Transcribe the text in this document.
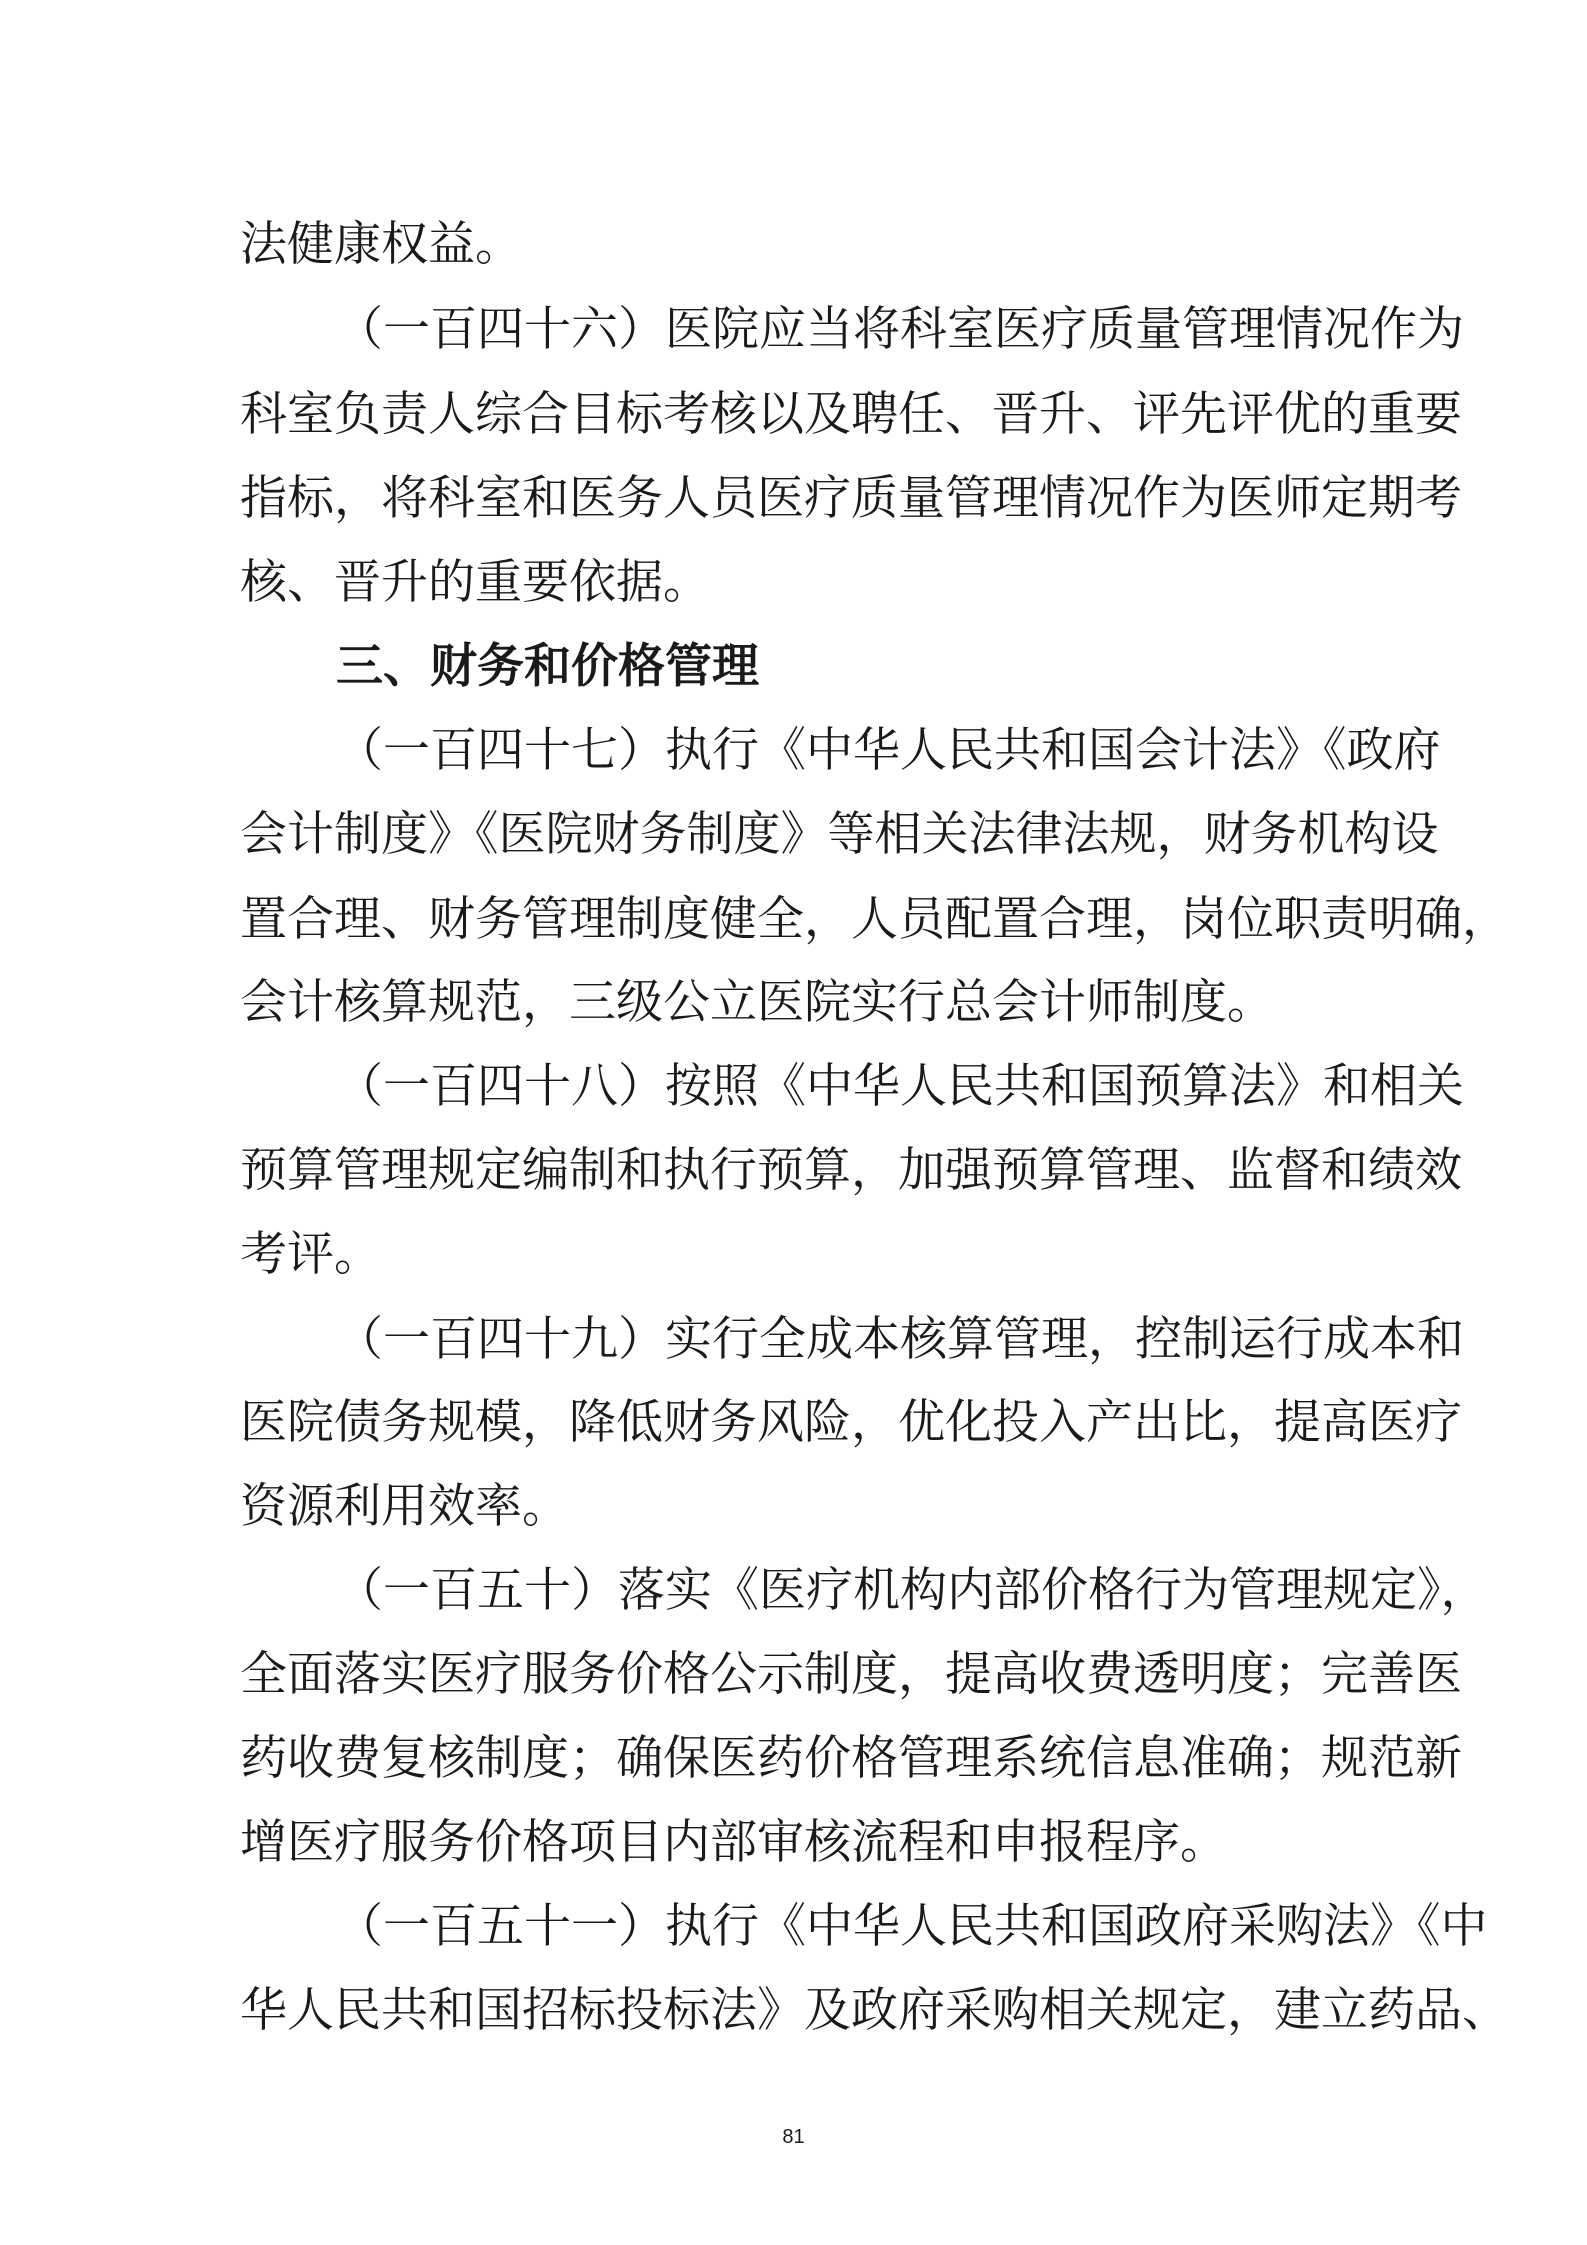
法健康权益。
（一百四十六）医院应当将科室医疗质量管理情况作为
科室负责人综合目标考核以及聘任、晋升、评先评优的重要
指标，将科室和医务人员医疗质量管理情况作为医师定期考
核、晋升的重要依据。
三、财务和价格管理
（一百四十七）执行《中华人民共和国会计法》《政府
会计制度》《医院财务制度》等相关法律法规，财务机构设
置合理、财务管理制度健全，人员配置合理，岗位职责明确，
会计核算规范，三级公立医院实行总会计师制度。
（一百四十八）按照《中华人民共和国预算法》和相关
预算管理规定编制和执行预算，加强预算管理、监督和绩效
考评。
（一百四十九）实行全成本核算管理，控制运行成本和
医院债务规模，降低财务风险，优化投入产出比，提高医疗
资源利用效率。
（一百五十）落实《医疗机构内部价格行为管理规定》，
全面落实医疗服务价格公示制度，提高收费透明度；完善医
药收费复核制度；确保医药价格管理系统信息准确；规范新
增医疗服务价格项目内部审核流程和申报程序。
（一百五十一）执行《中华人民共和国政府采购法》《中
华人民共和国招标投标法》及政府采购相关规定，建立药品、
81
